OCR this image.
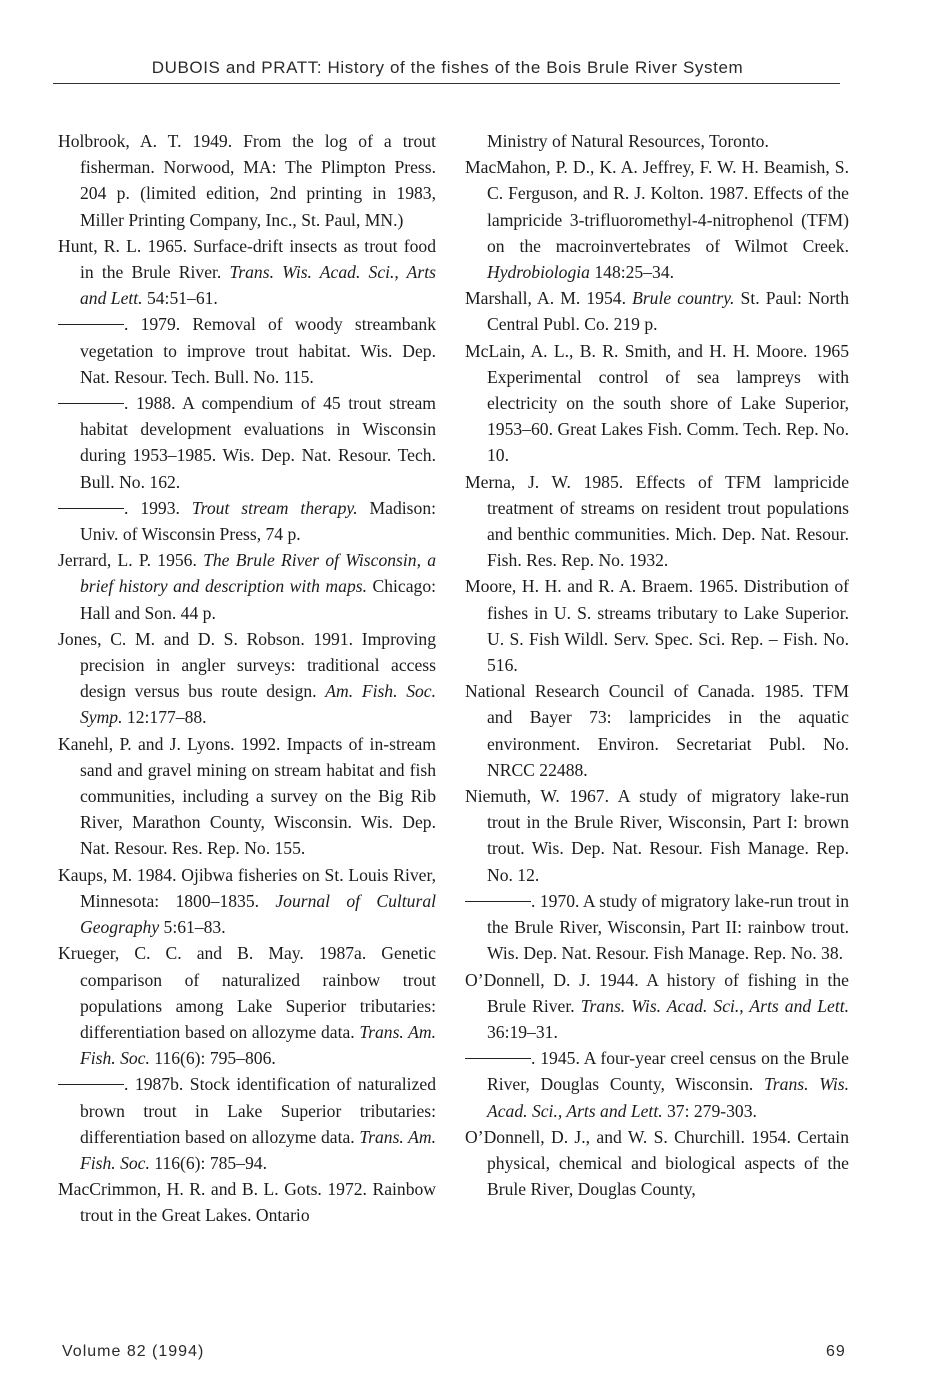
DUBOIS and PRATT: History of the fishes of the Bois Brule River System

Holbrook, A. T. 1949. From the log of a trout fisherman. Norwood, MA: The Plimpton Press. 204 p. (limited edition, 2nd printing in 1983, Miller Printing Company, Inc., St. Paul, MN.)

Hunt, R. L. 1965. Surface-drift insects as trout food in the Brule River. Trans. Wis. Acad. Sci., Arts and Lett. 54:51–61.

. 1979. Removal of woody streambank vegetation to improve trout habitat. Wis. Dep. Nat. Resour. Tech. Bull. No. 115.

. 1988. A compendium of 45 trout stream habitat development evaluations in Wisconsin during 1953–1985. Wis. Dep. Nat. Resour. Tech. Bull. No. 162.

. 1993. Trout stream therapy. Madison: Univ. of Wisconsin Press, 74 p.

Jerrard, L. P. 1956. The Brule River of Wisconsin, a brief history and description with maps. Chicago: Hall and Son. 44 p.

Jones, C. M. and D. S. Robson. 1991. Improving precision in angler surveys: traditional access design versus bus route design. Am. Fish. Soc. Symp. 12:177–88.

Kanehl, P. and J. Lyons. 1992. Impacts of in-stream sand and gravel mining on stream habitat and fish communities, including a survey on the Big Rib River, Marathon County, Wisconsin. Wis. Dep. Nat. Resour. Res. Rep. No. 155.

Kaups, M. 1984. Ojibwa fisheries on St. Louis River, Minnesota: 1800–1835. Journal of Cultural Geography 5:61–83.

Krueger, C. C. and B. May. 1987a. Genetic comparison of naturalized rainbow trout populations among Lake Superior tributaries: differentiation based on allozyme data. Trans. Am. Fish. Soc. 116(6): 795–806.

. 1987b. Stock identification of naturalized brown trout in Lake Superior tributaries: differentiation based on allozyme data. Trans. Am. Fish. Soc. 116(6): 785–94.

MacCrimmon, H. R. and B. L. Gots. 1972. Rainbow trout in the Great Lakes. Ontario

Ministry of Natural Resources, Toronto.

MacMahon, P. D., K. A. Jeffrey, F. W. H. Beamish, S. C. Ferguson, and R. J. Kolton. 1987. Effects of the lampricide 3-trifluoromethyl-4-nitrophenol (TFM) on the macroinvertebrates of Wilmot Creek. Hydrobiologia 148:25–34.

Marshall, A. M. 1954. Brule country. St. Paul: North Central Publ. Co. 219 p.

McLain, A. L., B. R. Smith, and H. H. Moore. 1965 Experimental control of sea lampreys with electricity on the south shore of Lake Superior, 1953–60. Great Lakes Fish. Comm. Tech. Rep. No. 10.

Merna, J. W. 1985. Effects of TFM lampricide treatment of streams on resident trout populations and benthic communities. Mich. Dep. Nat. Resour. Fish. Res. Rep. No. 1932.

Moore, H. H. and R. A. Braem. 1965. Distribution of fishes in U. S. streams tributary to Lake Superior. U. S. Fish Wildl. Serv. Spec. Sci. Rep. – Fish. No. 516.

National Research Council of Canada. 1985. TFM and Bayer 73: lampricides in the aquatic environment. Environ. Secretariat Publ. No. NRCC 22488.

Niemuth, W. 1967. A study of migratory lake-run trout in the Brule River, Wisconsin, Part I: brown trout. Wis. Dep. Nat. Resour. Fish Manage. Rep. No. 12.

. 1970. A study of migratory lake-run trout in the Brule River, Wisconsin, Part II: rainbow trout. Wis. Dep. Nat. Resour. Fish Manage. Rep. No. 38.

O’Donnell, D. J. 1944. A history of fishing in the Brule River. Trans. Wis. Acad. Sci., Arts and Lett. 36:19–31.

. 1945. A four-year creel census on the Brule River, Douglas County, Wisconsin. Trans. Wis. Acad. Sci., Arts and Lett. 37: 279-303.

O’Donnell, D. J., and W. S. Churchill. 1954. Certain physical, chemical and biological aspects of the Brule River, Douglas County,

Volume 82 (1994)	69
